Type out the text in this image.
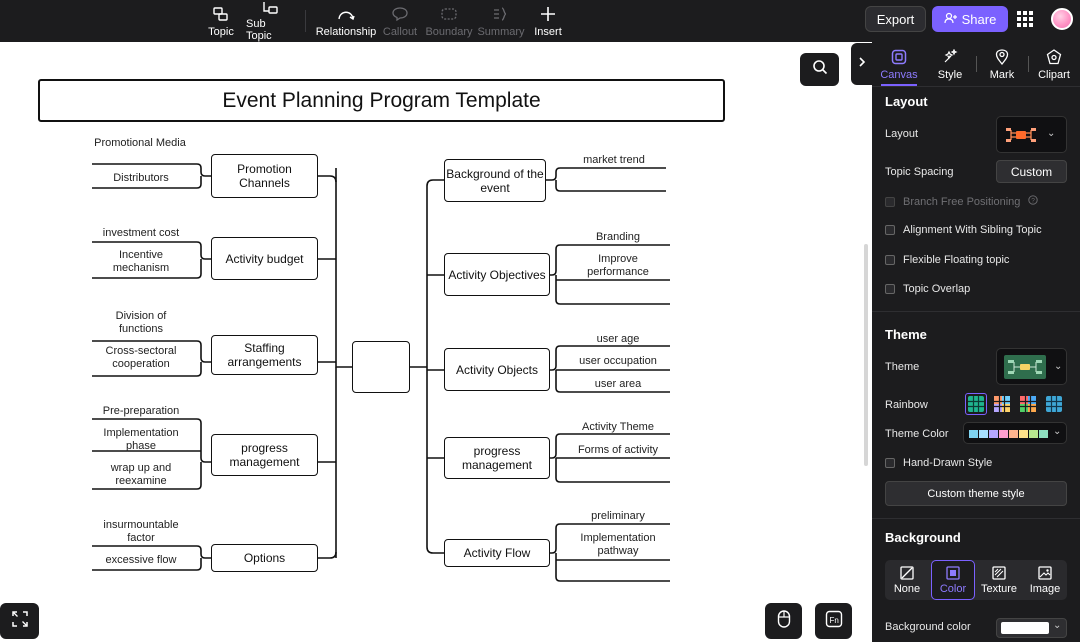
Topic
Sub Topic	Relationship Callout Boundary Summary Insert
Export	Share
Event Planning Program Template
Promotion Channels
Activity budget
Staffing arrangements
progress management
Options
Promotional Media
Distributors
investment cost
Incentive mechanism
Division of functions
Cross-sectoral cooperation
Pre-preparation
Implementation phase
wrap up and reexamine
insurmountable factor
excessive flow
Background of the event
Activity Objectives
Activity Objects
progress management
Activity Flow
market trend
Branding
Improve performance
user age
user occupation
user area
Activity Theme
Forms of activity
preliminary
Implementation pathway
Fn
Canvas Style	Mark Clipart
Layout
Layout	⌄
Topic Spacing	Custom
Branch Free Positioning ?
Alignment With Sibling Topic
Flexible Floating topic
Topic Overlap
Theme
Theme	⌄
Rainbow
Theme Color	⌄
Hand-Drawn Style
Custom theme style
Background
None Color Texture Image
Background color	⌄
